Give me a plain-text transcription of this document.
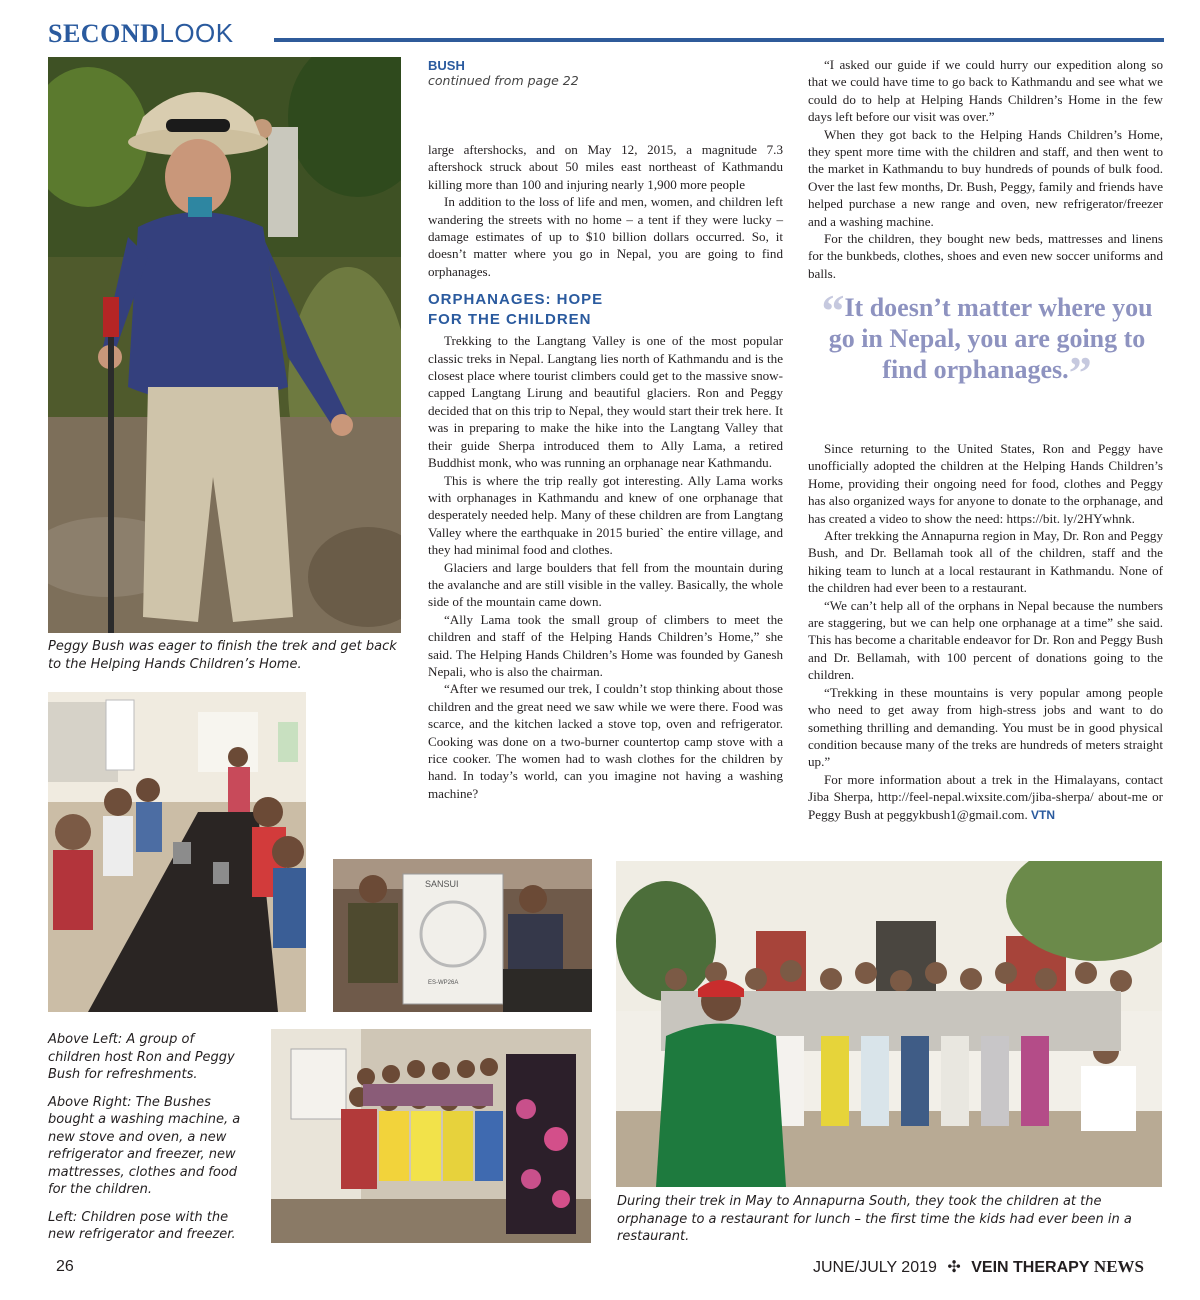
SECONDLOOK
Peggy Bush was eager to finish the trek and get back to the Helping Hands Children’s Home.
SANSUI
ES-WP26A

Above Left: A group of children host Ron and Peggy Bush for refreshments.

Above Right: The Bushes bought a washing machine, a new stove and oven, a new refrigerator and freezer, new mattresses, clothes and food for the children.

Left: Children pose with the new refrigerator and freezer.

During their trek in May to Annapurna South, they took the children at the orphanage to a restaurant for lunch – the first time the kids had ever been in a restaurant.
BUSH
continued from page 22

large aftershocks, and on May 12, 2015, a magnitude 7.3 aftershock struck about 50 miles east northeast of Kathmandu killing more than 100 and injuring nearly 1,900 more people

In addition to the loss of life and men, women, and children left wandering the streets with no home – a tent if they were lucky – damage estimates of up to $10 billion dollars occurred. So, it doesn’t matter where you go in Nepal, you are going to find orphanages.

ORPHANAGES: HOPE
FOR THE CHILDREN

Trekking to the Langtang Valley is one of the most popular classic treks in Nepal. Langtang lies north of Kathmandu and is the closest place where tourist climbers could get to the massive snow-capped Langtang Lirung and beautiful glaciers. Ron and Peggy decided that on this trip to Nepal, they would start their trek here. It was in preparing to make the hike into the Langtang Valley that their guide Sherpa introduced them to Ally Lama, a retired Buddhist monk, who was running an orphanage near Kathmandu.

This is where the trip really got interesting. Ally Lama works with orphanages in Kathmandu and knew of one orphanage that desperately needed help. Many of these children are from Langtang Valley where the earthquake in 2015 buried` the entire village, and they had minimal food and clothes.

Glaciers and large boulders that fell from the mountain during the avalanche and are still visible in the valley. Basically, the whole side of the mountain came down.

“Ally Lama took the small group of climbers to meet the children and staff of the Helping Hands Children’s Home,” she said. The Helping Hands Children’s Home was founded by Ganesh Nepali, who is also the chairman.

“After we resumed our trek, I couldn’t stop thinking about those children and the great need we saw while we were there. Food was scarce, and the kitchen lacked a stove top, oven and refrigerator. Cooking was done on a two-burner countertop camp stove with a rice cooker. The women had to wash clothes for the children by hand. In today’s world, can you imagine not having a washing machine?

“I asked our guide if we could hurry our expedition along so that we could have time to go back to Kathmandu and see what we could do to help at Helping Hands Children’s Home in the few days left before our visit was over.”

When they got back to the Helping Hands Children’s Home, they spent more time with the children and staff, and then went to the market in Kathmandu to buy hundreds of pounds of bulk food. Over the last few months, Dr. Bush, Peggy, family and friends have helped purchase a new range and oven, new refrigerator/freezer and a washing machine.

For the children, they bought new beds, mattresses and linens for the bunkbeds, clothes, shoes and even new soccer uniforms and balls.

“It doesn’t matter where you go in Nepal, you are going to find orphanages.”

Since returning to the United States, Ron and Peggy have unofficially adopted the children at the Helping Hands Children’s Home, providing their ongoing need for food, clothes and Peggy has also organized ways for anyone to donate to the orphanage, and has created a video to show the need: https://bit. ly/2HYwhnk.

After trekking the Annapurna region in May, Dr. Ron and Peggy Bush, and Dr. Bellamah took all of the children, staff and the hiking team to lunch at a local restaurant in Kathmandu. None of the children had ever been to a restaurant.

“We can’t help all of the orphans in Nepal because the numbers are staggering, but we can help one orphanage at a time” she said. This has become a charitable endeavor for Dr. Ron and Peggy Bush and Dr. Bellamah, with 100 percent of donations going to the children.

“Trekking in these mountains is very popular among people who need to get away from high-stress jobs and want to do something thrilling and demanding. You must be in good physical condition because many of the treks are hundreds of meters straight up.”

For more information about a trek in the Himalayans, contact Jiba Sherpa, http://feel-nepal.wixsite.com/jiba-sherpa/ about-me or Peggy Bush at peggykbush1@gmail.com. VTN

26	JUNE/JULY 2019 ✣ VEIN THERAPY NEWS
